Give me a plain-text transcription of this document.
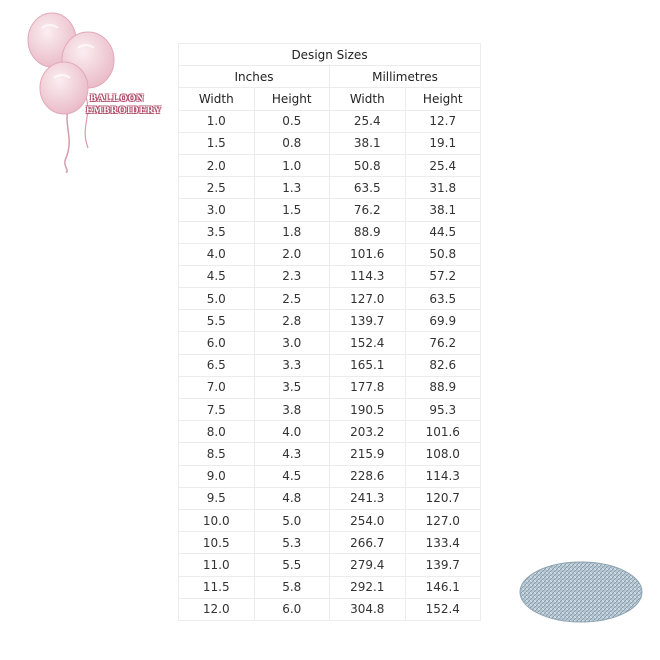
BALLOON
EMBROIDERY
Design Sizes			
Inches		Millimetres	
Width	Height	Width	Height
1.0	0.5	25.4	12.7
1.5	0.8	38.1	19.1
2.0	1.0	50.8	25.4
2.5	1.3	63.5	31.8
3.0	1.5	76.2	38.1
3.5	1.8	88.9	44.5
4.0	2.0	101.6	50.8
4.5	2.3	114.3	57.2
5.0	2.5	127.0	63.5
5.5	2.8	139.7	69.9
6.0	3.0	152.4	76.2
6.5	3.3	165.1	82.6
7.0	3.5	177.8	88.9
7.5	3.8	190.5	95.3
8.0	4.0	203.2	101.6
8.5	4.3	215.9	108.0
9.0	4.5	228.6	114.3
9.5	4.8	241.3	120.7
10.0	5.0	254.0	127.0
10.5	5.3	266.7	133.4
11.0	5.5	279.4	139.7
11.5	5.8	292.1	146.1
12.0	6.0	304.8	152.4
